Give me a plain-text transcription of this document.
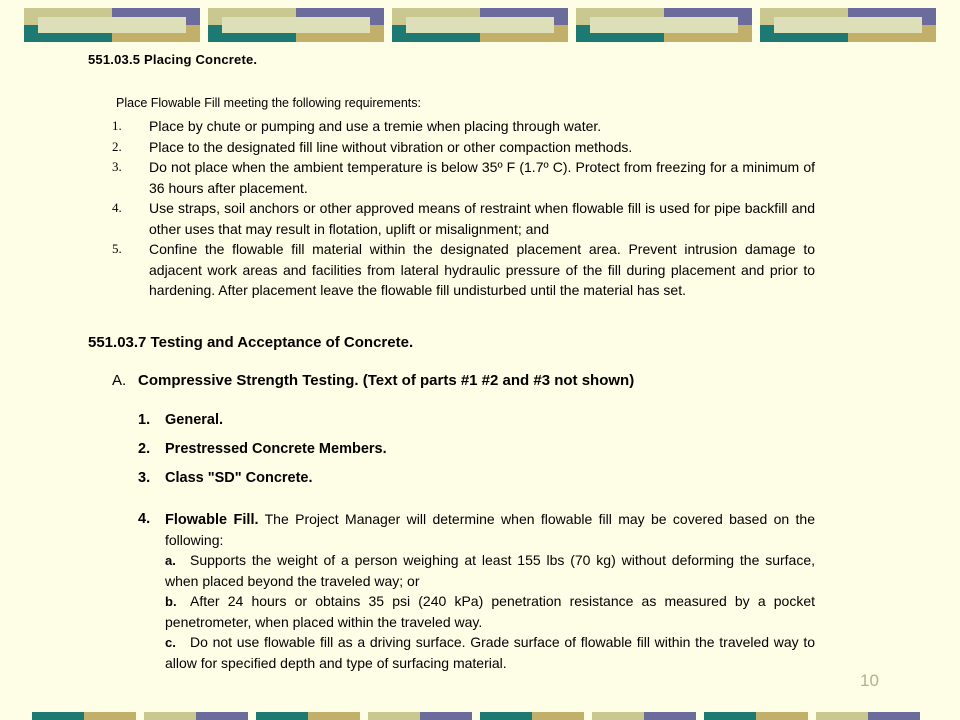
551.03.5 Placing Concrete.
Place Flowable Fill meeting the following requirements:
1. Place by chute or pumping and use a tremie when placing through water.
2. Place to the designated fill line without vibration or other compaction methods.
3. Do not place when the ambient temperature is below 35º F (1.7º C). Protect from freezing for a minimum of 36 hours after placement.
4. Use straps, soil anchors or other approved means of restraint when flowable fill is used for pipe backfill and other uses that may result in flotation, uplift or misalignment; and
5. Confine the flowable fill material within the designated placement area. Prevent intrusion damage to adjacent work areas and facilities from lateral hydraulic pressure of the fill during placement and prior to hardening. After placement leave the flowable fill undisturbed until the material has set.
551.03.7 Testing and Acceptance of Concrete.
A. Compressive Strength Testing. (Text of parts #1 #2 and #3 not shown)
1. General.
2. Prestressed Concrete Members.
3. Class "SD" Concrete.
4. Flowable Fill. The Project Manager will determine when flowable fill may be covered based on the following:
a. Supports the weight of a person weighing at least 155 lbs (70 kg) without deforming the surface, when placed beyond the traveled way; or
b. After 24 hours or obtains 35 psi (240 kPa) penetration resistance as measured by a pocket penetrometer, when placed within the traveled way.
c. Do not use flowable fill as a driving surface. Grade surface of flowable fill within the traveled way to allow for specified depth and type of surfacing material.
10
